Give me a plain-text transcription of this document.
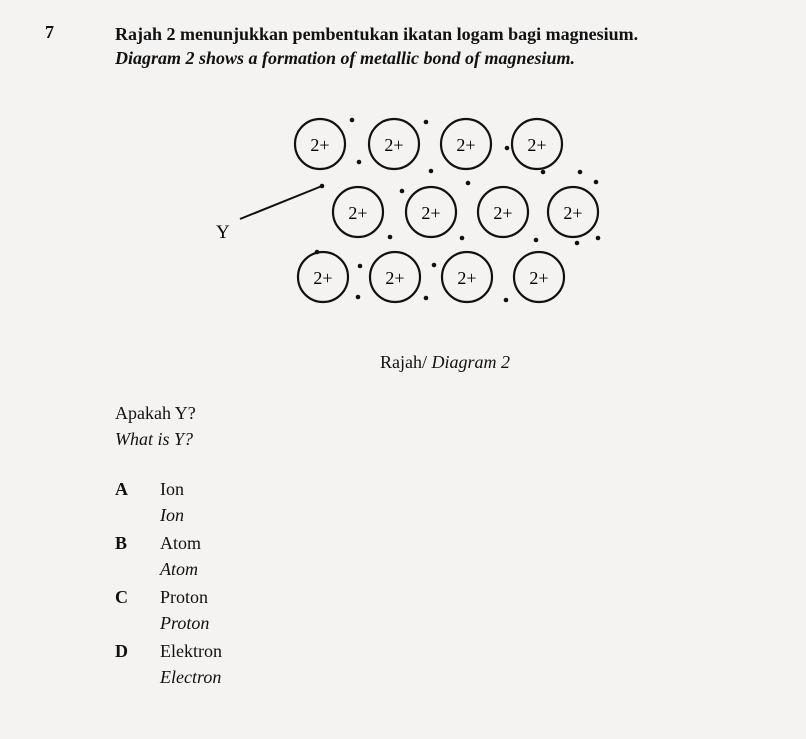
7	Rajah 2 menunjukkan pembentukan ikatan logam bagi magnesium.
Diagram 2 shows a formation of metallic bond of magnesium.
2+	2+	2+	2+
2+	2+	2+	2+
2+	2+	2+	2+
Y
Rajah/ Diagram 2
Apakah Y?
What is Y?
A	Ion
Ion
B	Atom
Atom
C	Proton
Proton
D	Elektron
Electron
